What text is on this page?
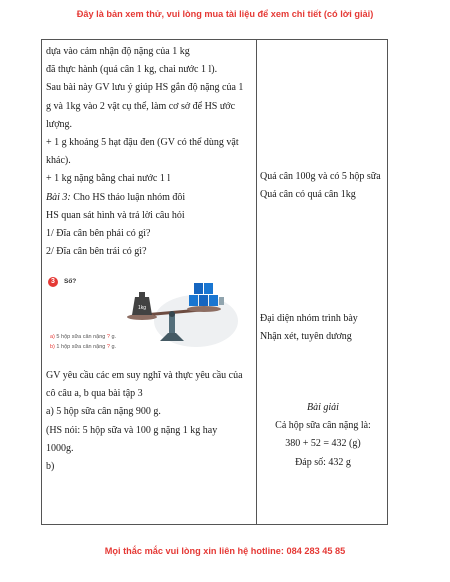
Đây là bản xem thử, vui lòng mua tài liệu để xem chi tiết (có lời giải)
dựa vào cảm nhận độ nặng của 1 kg
đã thực hành (quả cân 1 kg, chai nước 1 l).
Sau bài này GV lưu ý giúp HS gắn độ nặng của 1
g và 1kg vào 2 vật cụ thể, làm cơ sở để HS ước
lượng.
+ 1 g khoảng 5 hạt đậu đen (GV có thể dùng vật
khác).
+ 1 kg nặng bằng chai nước 1 l
Bài 3: Cho HS thảo luận nhóm đôi
HS quan sát hình và trả lời câu hỏi
1/ Đĩa cân bên phải có gì?
2/ Đĩa cân bên trái có gì?
3	Số?
1kg
a) 5 hộp sữa cân nặng ? g.
b) 1 hộp sữa cân nặng ? g.
GV yêu cầu các em suy nghĩ và thực yêu cầu của
cô câu a, b qua bài tập 3
a) 5 hộp sữa cân nặng 900 g.
(HS nói: 5 hộp sữa và 100 g nặng 1 kg hay
1000g.
b)
Quả cân 100g và có 5 hộp sữa
Quả cân có quả cân 1kg
Đại diện nhóm trình bày
Nhận xét, tuyên dương
Bài giải
Cả hộp sữa cân nặng là:
380 + 52 = 432 (g)
Đáp số: 432 g
Mọi thắc mắc vui lòng xin liên hệ hotline: 084 283 45 85
